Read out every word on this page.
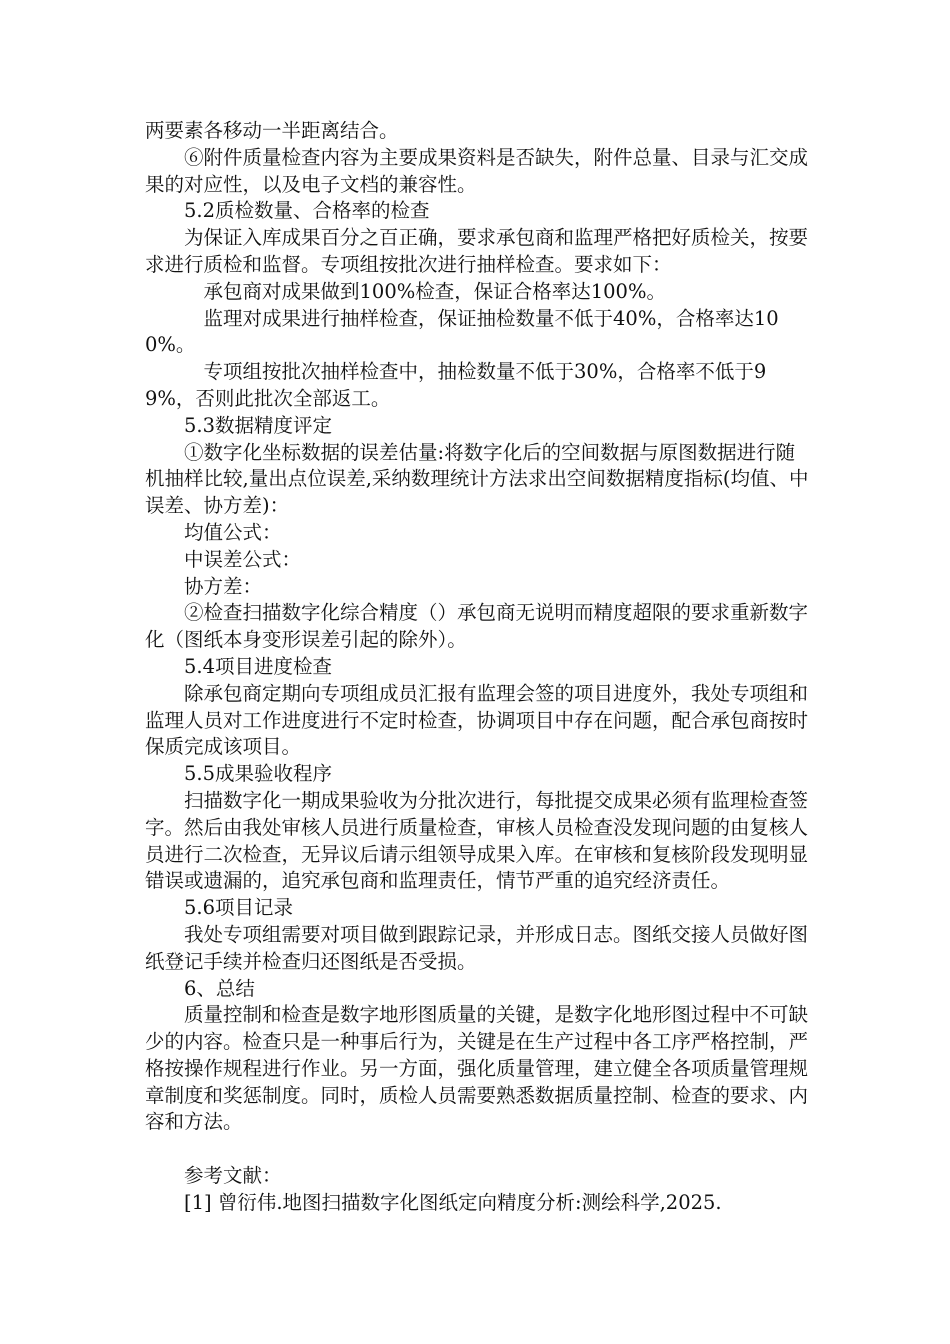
两要素各移动一半距离结合。

⑥附件质量检查内容为主要成果资料是否缺失，附件总量、目录与汇交成果的对应性，以及电子文档的兼容性。

5.2质检数量、合格率的检查

为保证入库成果百分之百正确，要求承包商和监理严格把好质检关，按要求进行质检和监督。专项组按批次进行抽样检查。要求如下：

承包商对成果做到100%检查，保证合格率达100%。

监理对成果进行抽样检查，保证抽检数量不低于40%，合格率达100%。

专项组按批次抽样检查中，抽检数量不低于30%，合格率不低于99%，否则此批次全部返工。

5.3数据精度评定

①数字化坐标数据的误差估量:将数字化后的空间数据与原图数据进行随机抽样比较,量出点位误差,采纳数理统计方法求出空间数据精度指标(均值、中误差、协方差)：

均值公式：

中误差公式：

协方差：

②检查扫描数字化综合精度（）承包商无说明而精度超限的要求重新数字化（图纸本身变形误差引起的除外）。

5.4项目进度检查

除承包商定期向专项组成员汇报有监理会签的项目进度外，我处专项组和监理人员对工作进度进行不定时检查，协调项目中存在问题，配合承包商按时保质完成该项目。

5.5成果验收程序

扫描数字化一期成果验收为分批次进行，每批提交成果必须有监理检查签字。然后由我处审核人员进行质量检查，审核人员检查没发现问题的由复核人员进行二次检查，无异议后请示组领导成果入库。在审核和复核阶段发现明显错误或遗漏的，追究承包商和监理责任，情节严重的追究经济责任。

5.6项目记录

我处专项组需要对项目做到跟踪记录，并形成日志。图纸交接人员做好图纸登记手续并检查归还图纸是否受损。

6、总结

质量控制和检查是数字地形图质量的关键，是数字化地形图过程中不可缺少的内容。检查只是一种事后行为，关键是在生产过程中各工序严格控制，严格按操作规程进行作业。另一方面，强化质量管理，建立健全各项质量管理规章制度和奖惩制度。同时，质检人员需要熟悉数据质量控制、检查的要求、内容和方法。

参考文献：

[1] 曾衍伟.地图扫描数字化图纸定向精度分析:测绘科学,2025.
